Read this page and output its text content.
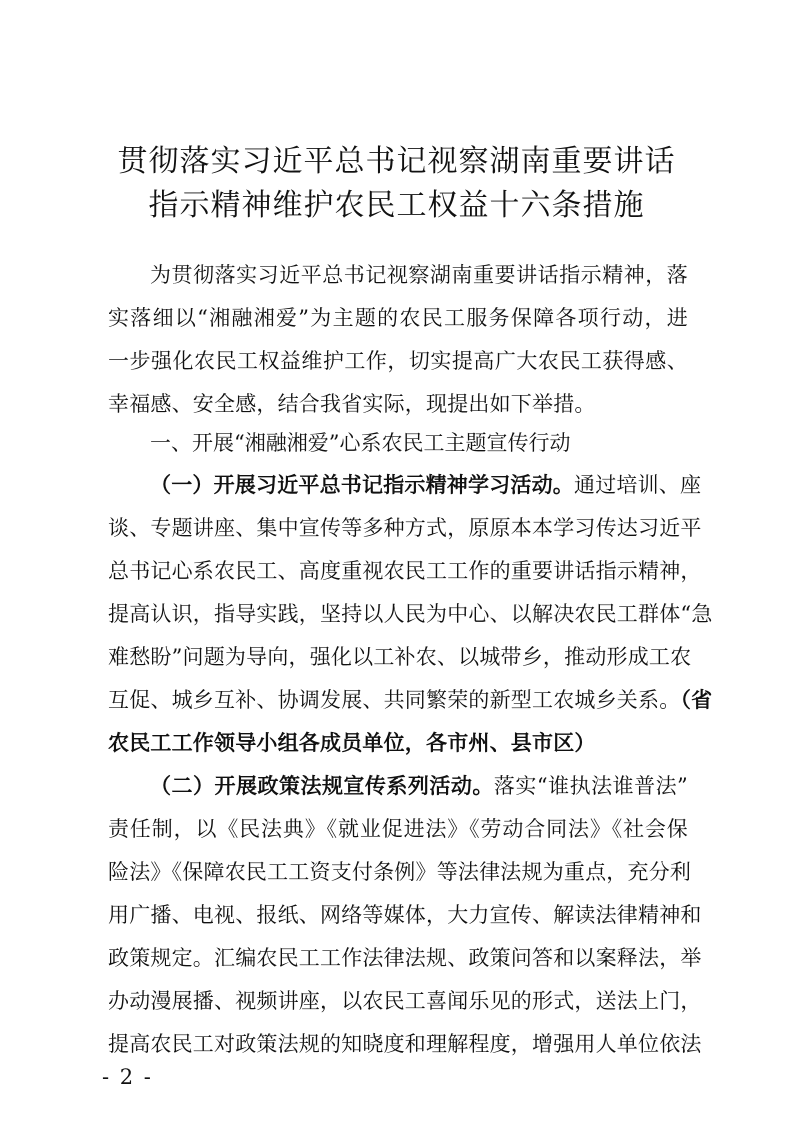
贯彻落实习近平总书记视察湖南重要讲话
指示精神维护农民工权益十六条措施
为贯彻落实习近平总书记视察湖南重要讲话指示精神，落
实落细以“湘融湘爱”为主题的农民工服务保障各项行动，进
一步强化农民工权益维护工作，切实提高广大农民工获得感、
幸福感、安全感，结合我省实际，现提出如下举措。
一、开展“湘融湘爱”心系农民工主题宣传行动
（一）开展习近平总书记指示精神学习活动。通过培训、座
谈、专题讲座、集中宣传等多种方式，原原本本学习传达习近平
总书记心系农民工、高度重视农民工工作的重要讲话指示精神，
提高认识，指导实践，坚持以人民为中心、以解决农民工群体“急
难愁盼”问题为导向，强化以工补农、以城带乡，推动形成工农
互促、城乡互补、协调发展、共同繁荣的新型工农城乡关系。（省
农民工工作领导小组各成员单位，各市州、县市区）
（二）开展政策法规宣传系列活动。落实“谁执法谁普法”
责任制，以《民法典》《就业促进法》《劳动合同法》《社会保
险法》《保障农民工工资支付条例》等法律法规为重点，充分利
用广播、电视、报纸、网络等媒体，大力宣传、解读法律精神和
政策规定。汇编农民工工作法律法规、政策问答和以案释法，举
办动漫展播、视频讲座，以农民工喜闻乐见的形式，送法上门，
提高农民工对政策法规的知晓度和理解程度，增强用人单位依法
- 2 -
